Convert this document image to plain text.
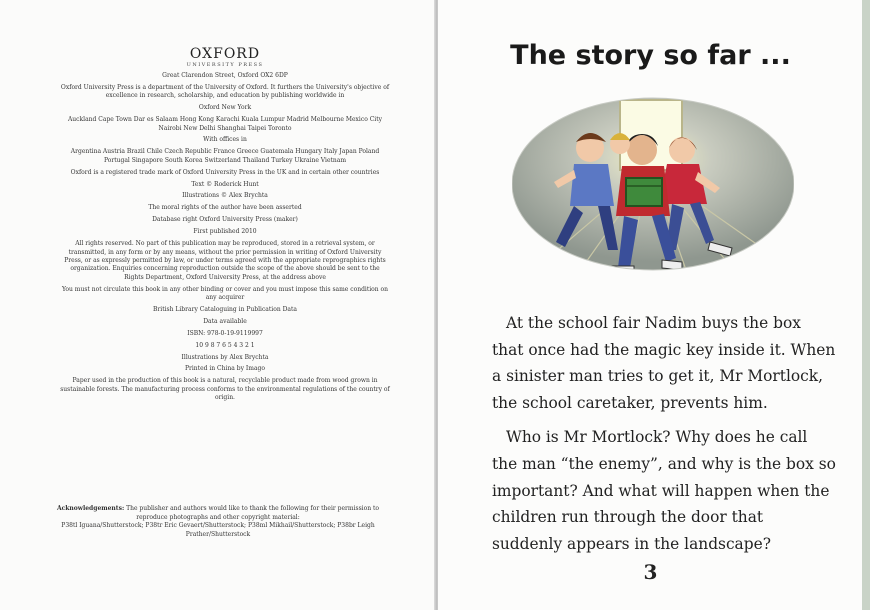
OXFORD
UNIVERSITY PRESS

Great Clarendon Street, Oxford OX2 6DP

Oxford University Press is a department of the University of Oxford. It furthers the University's objective of excellence in research, scholarship, and education by publishing worldwide in

Oxford New York

Auckland Cape Town Dar es Salaam Hong Kong Karachi Kuala Lumpur Madrid Melbourne Mexico City Nairobi New Delhi Shanghai Taipei Toronto

With offices in

Argentina Austria Brazil Chile Czech Republic France Greece Guatemala Hungary Italy Japan Poland Portugal Singapore South Korea Switzerland Thailand Turkey Ukraine Vietnam

Oxford is a registered trade mark of Oxford University Press in the UK and in certain other countries

Text © Roderick Hunt

Illustrations © Alex Brychta

The moral rights of the author have been asserted

Database right Oxford University Press (maker)

First published 2010

All rights reserved. No part of this publication may be reproduced, stored in a retrieval system, or transmitted, in any form or by any means, without the prior permission in writing of Oxford University Press, or as expressly permitted by law, or under terms agreed with the appropriate reprographics rights organization. Enquiries concerning reproduction outside the scope of the above should be sent to the Rights Department, Oxford University Press, at the address above

You must not circulate this book in any other binding or cover and you must impose this same condition on any acquirer

British Library Cataloguing in Publication Data

Data available

ISBN: 978-0-19-9119997

10 9 8 7 6 5 4 3 2 1

Illustrations by Alex Brychta

Printed in China by Imago

Paper used in the production of this book is a natural, recyclable product made from wood grown in sustainable forests. The manufacturing process conforms to the environmental regulations of the country of origin.

Acknowledgements: The publisher and authors would like to thank the following for their permission to reproduce photographs and other copyright material:
P38tl Iguana/Shutterstock; P38tr Eric Gevaert/Shutterstock; P38ml Mikhail/Shutterstock; P38br Leigh Prather/Shutterstock
The story so far ...

At the school fair Nadim buys the box that once had the magic key inside it. When a sinister man tries to get it, Mr Mortlock, the school caretaker, prevents him.

Who is Mr Mortlock? Why does he call the man “the enemy”, and why is the box so important? And what will happen when the children run through the door that suddenly appears in the landscape?

3
